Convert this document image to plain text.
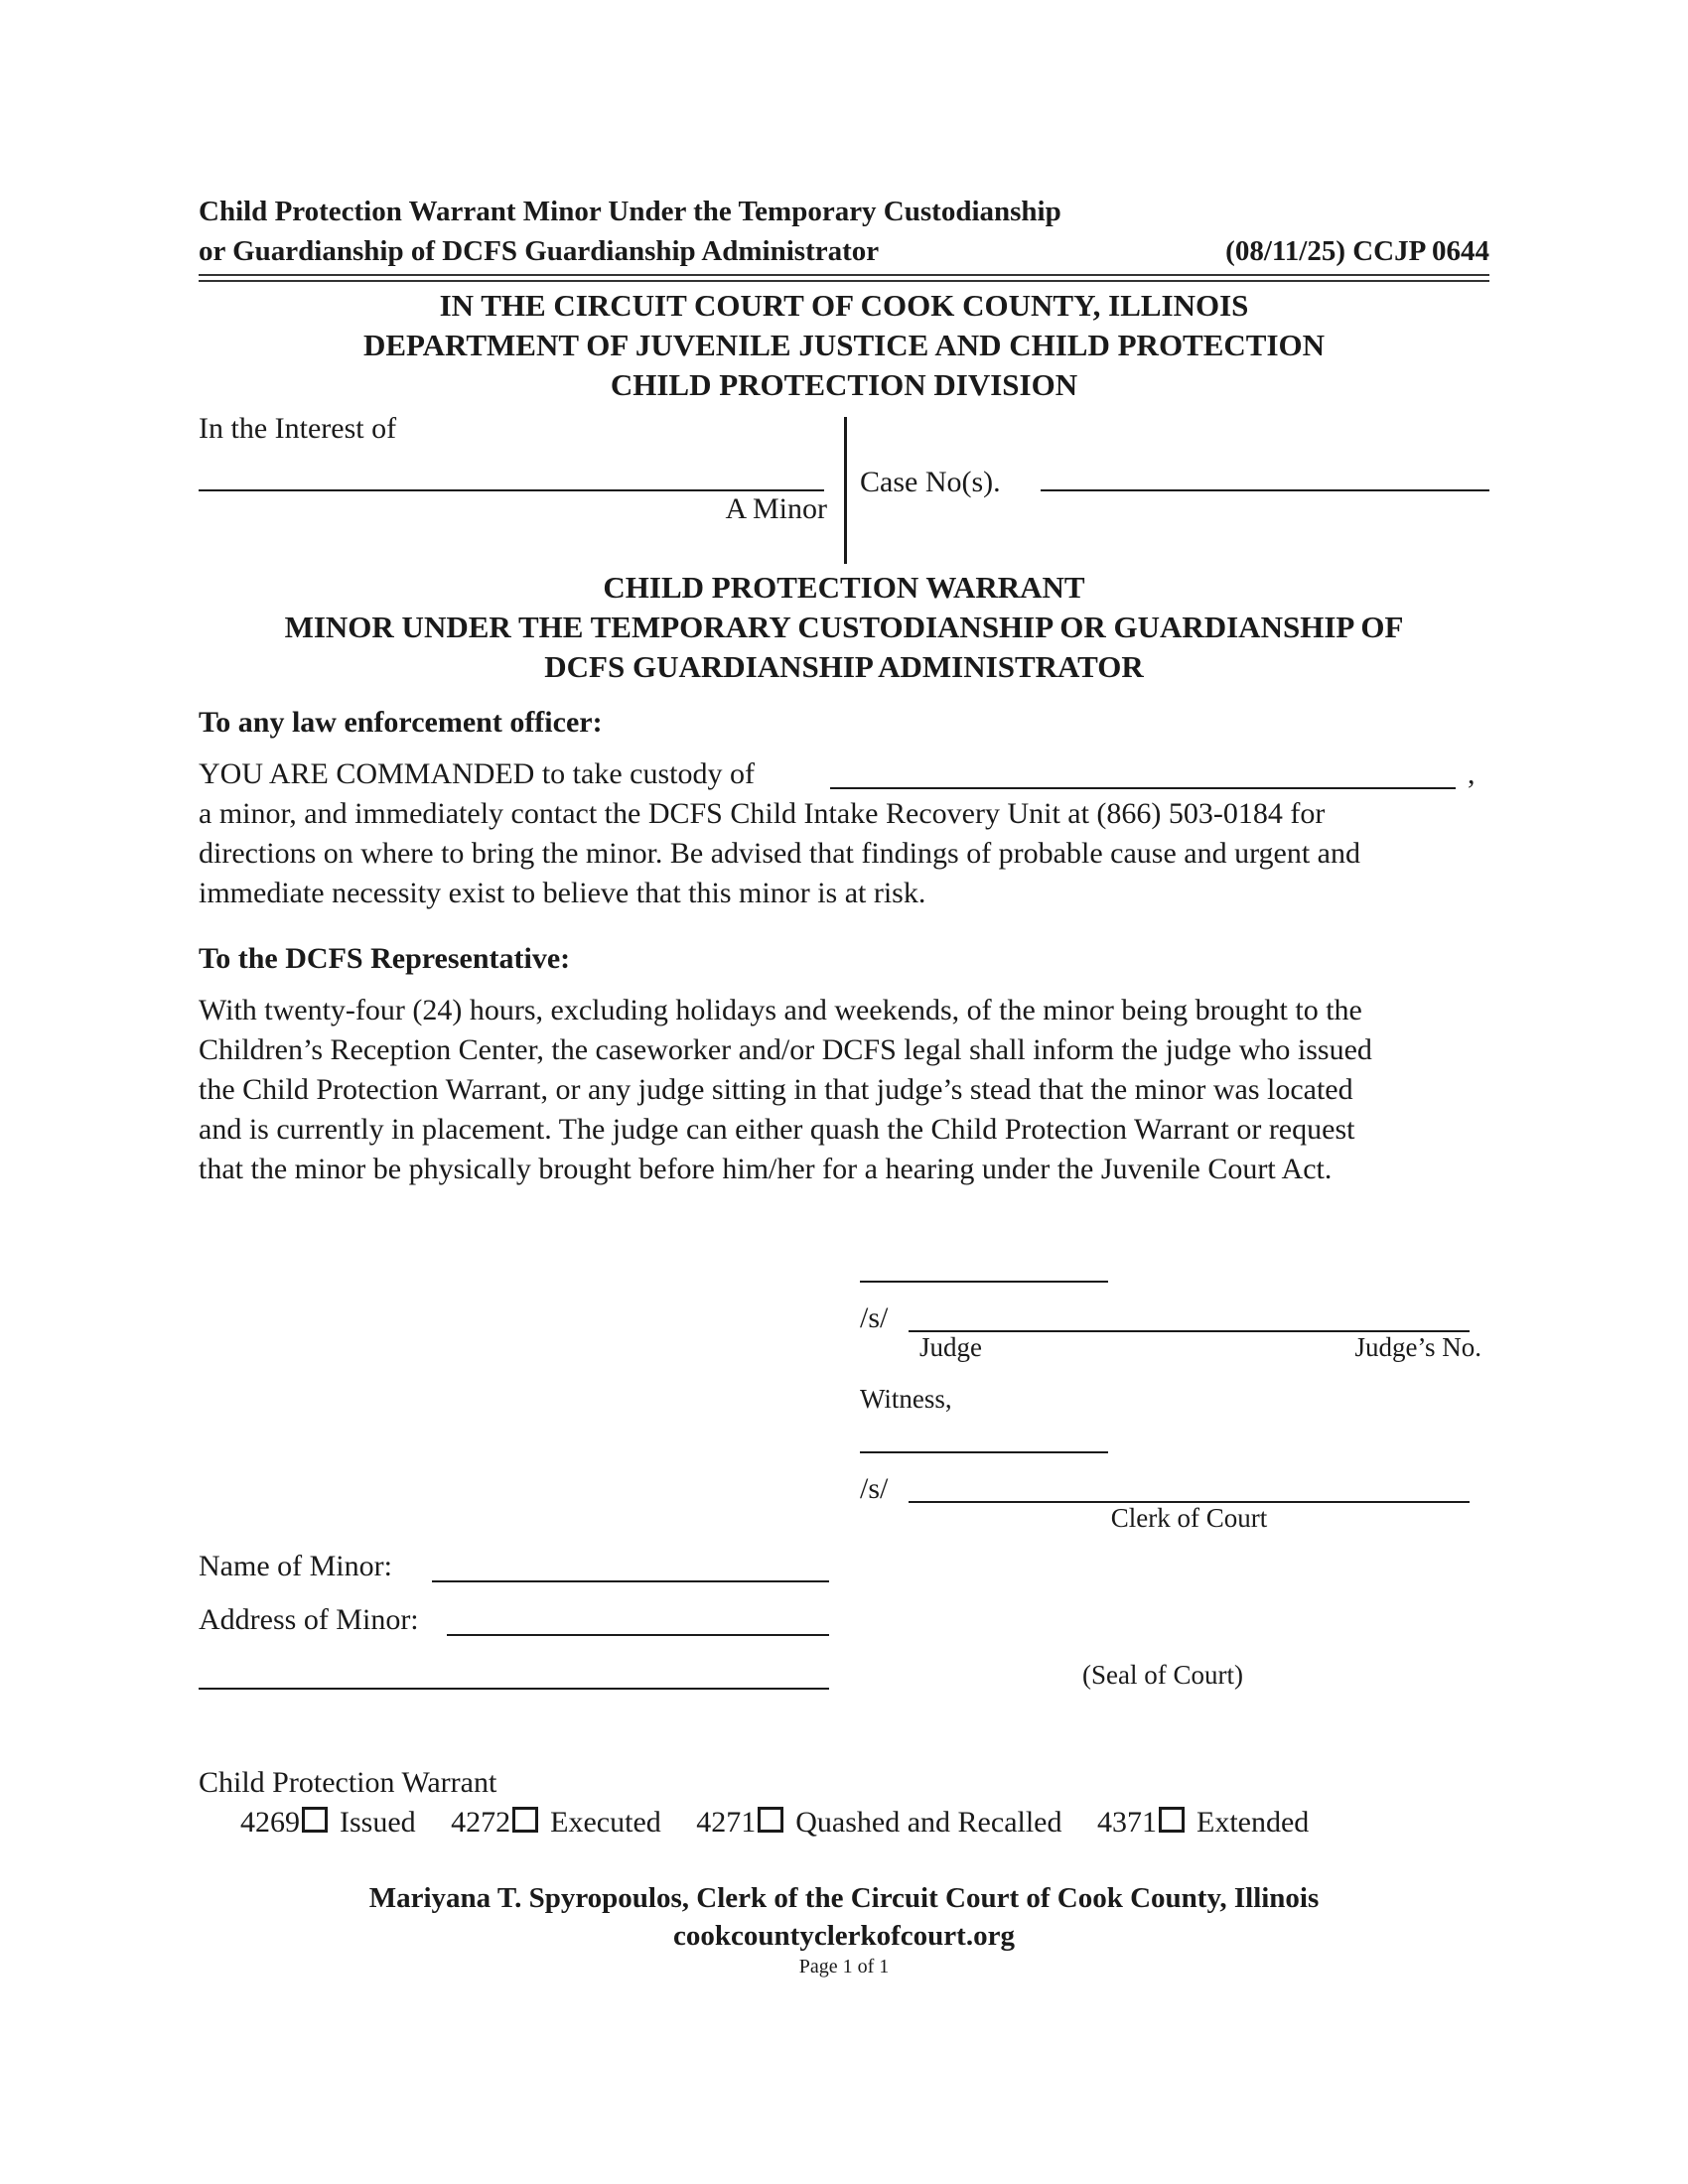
Child Protection Warrant Minor Under the Temporary Custodianship
or Guardianship of DCFS Guardianship Administrator	(08/11/25) CCJP 0644
IN THE CIRCUIT COURT OF COOK COUNTY, ILLINOIS
DEPARTMENT OF JUVENILE JUSTICE AND CHILD PROTECTION
CHILD PROTECTION DIVISION
In the Interest of
A Minor
Case No(s).
CHILD PROTECTION WARRANT
MINOR UNDER THE TEMPORARY CUSTODIANSHIP OR GUARDIANSHIP OF
DCFS GUARDIANSHIP ADMINISTRATOR
To any law enforcement officer:
YOU ARE COMMANDED to take custody of	,
a minor, and immediately contact the DCFS Child Intake Recovery Unit at (866) 503-0184 for
directions on where to bring the minor. Be advised that findings of probable cause and urgent and
immediate necessity exist to believe that this minor is at risk.
To the DCFS Representative:
With twenty-four (24) hours, excluding holidays and weekends, of the minor being brought to the
Children’s Reception Center, the caseworker and/or DCFS legal shall inform the judge who issued
the Child Protection Warrant, or any judge sitting in that judge’s stead that the minor was located
and is currently in placement. The judge can either quash the Child Protection Warrant or request
that the minor be physically brought before him/her for a hearing under the Juvenile Court Act.
/s/
Judge	Judge’s No.
Witness,
/s/
Clerk of Court
(Seal of Court)
Name of Minor:
Address of Minor:
Child Protection Warrant
4269 Issued 4272 Executed 4271 Quashed and Recalled 4371 Extended
Mariyana T. Spyropoulos, Clerk of the Circuit Court of Cook County, Illinois
cookcountyclerkofcourt.org
Page 1 of 1
